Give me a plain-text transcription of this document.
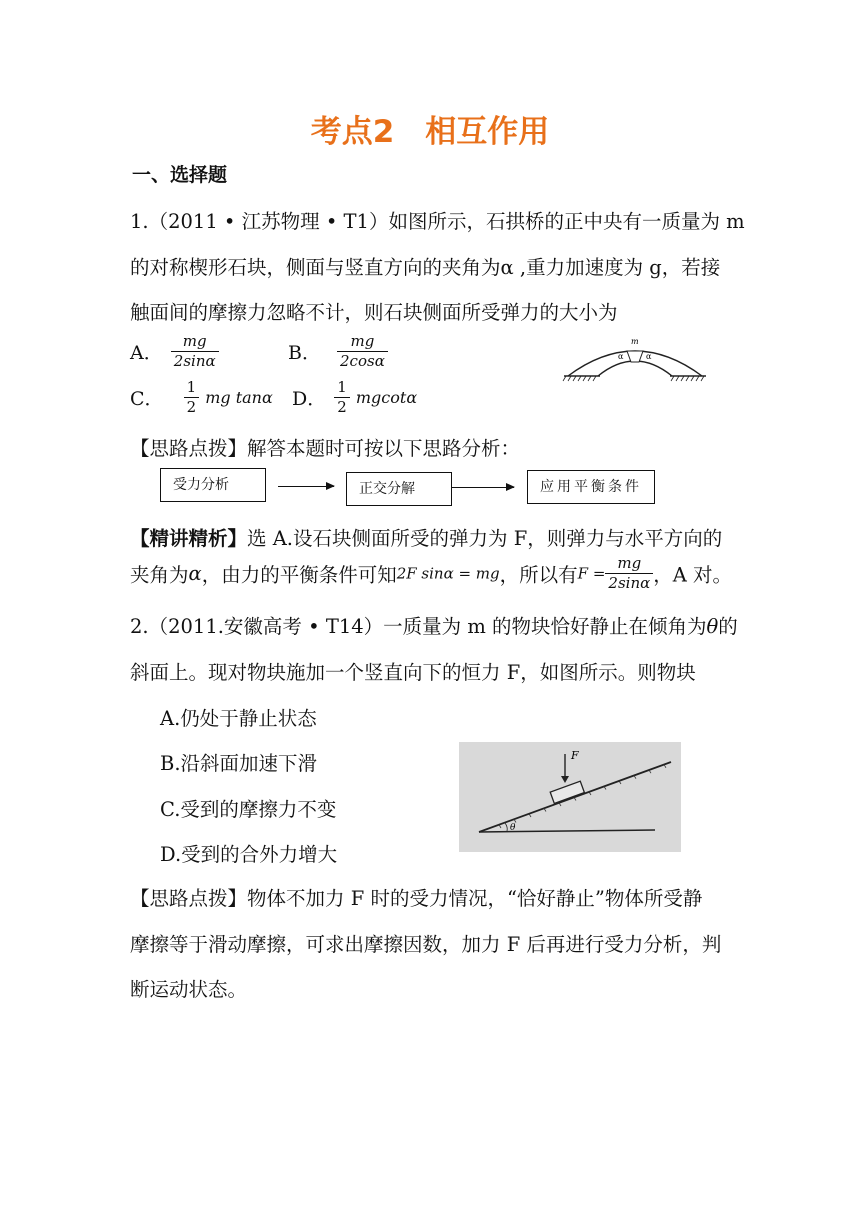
考点2　相互作用
一、选择题
1.（2011 • 江苏物理 • T1）如图所示，石拱桥的正中央有一质量为 m
的对称楔形石块，侧面与竖直方向的夹角为α ,重力加速度为 g，若接
触面间的摩擦力忽略不计，则石块侧面所受弹力的大小为
A． $\frac{mg}{2\sin\alpha}$	B． $\frac{mg}{2\cos\alpha}$
C． $\frac{1}{2}$ mg tanα D． $\frac{1}{2}$ mgcotα
m
α	α
【思路点拨】解答本题时可按以下思路分析：
受力分析	正交分解	应用平衡条件
【精讲精析】选 A.设石块侧面所受的弹力为 F，则弹力与水平方向的
夹角为α，由力的平衡条件可知2F sinα = mg，所以有$F = \frac{mg}{2\sin\alpha}$ ，A 对。
2.（2011.安徽高考 • T14）一质量为 m 的物块恰好静止在倾角为θ的
斜面上。现对物块施加一个竖直向下的恒力 F，如图所示。则物块
A.仍处于静止状态
B.沿斜面加速下滑
C.受到的摩擦力不变
D.受到的合外力增大
F
θ
【思路点拨】物体不加力 F 时的受力情况，“恰好静止”物体所受静
摩擦等于滑动摩擦，可求出摩擦因数，加力 F 后再进行受力分析，判
断运动状态。
